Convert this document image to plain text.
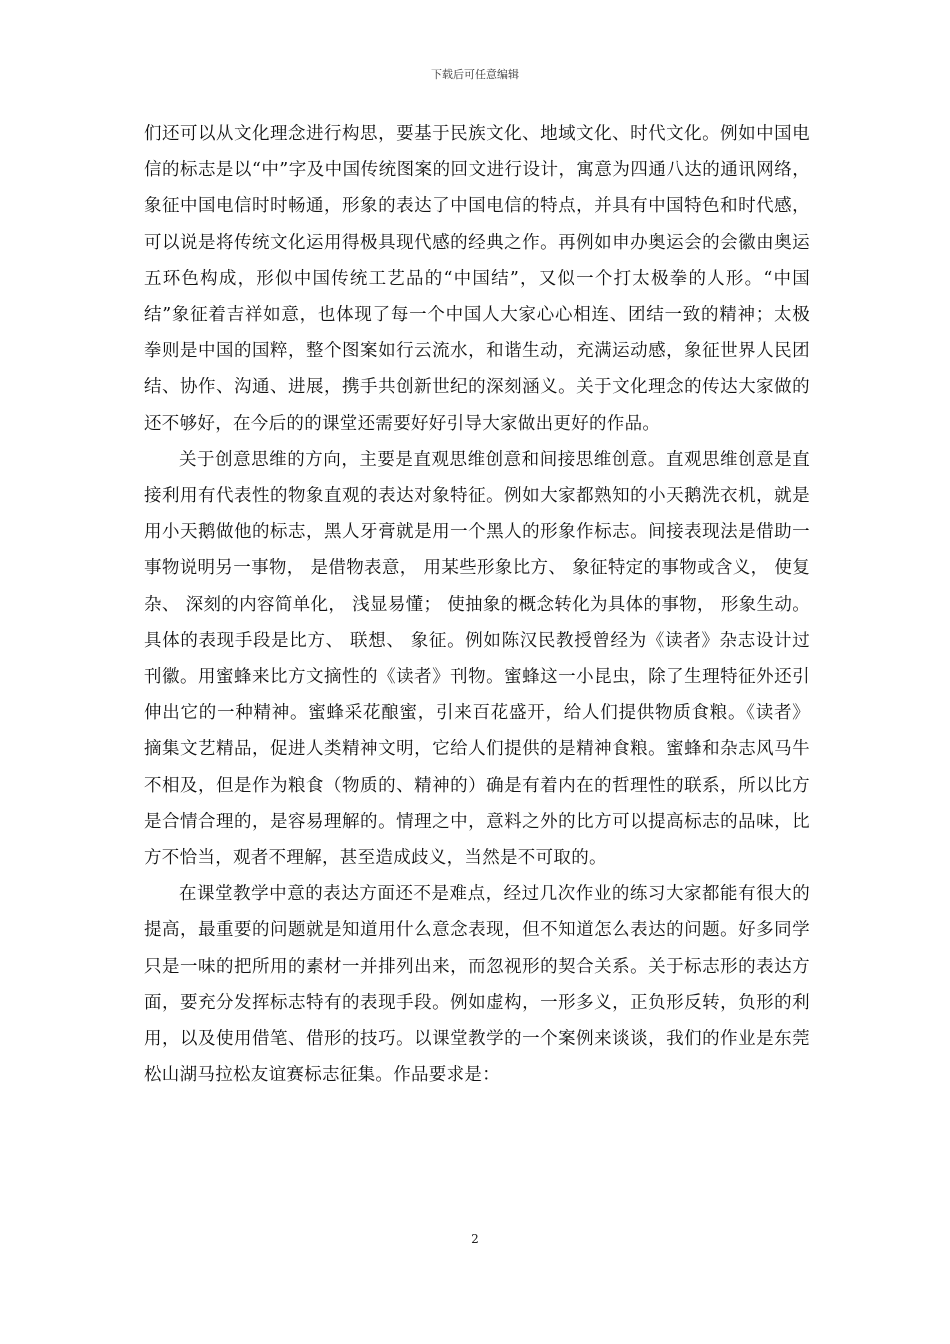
下载后可任意编辑

们还可以从文化理念进行构思，要基于民族文化、地域文化、时代文化。例如中国电信的标志是以“中”字及中国传统图案的回文进行设计，寓意为四通八达的通讯网络，象征中国电信时时畅通，形象的表达了中国电信的特点，并具有中国特色和时代感，可以说是将传统文化运用得极具现代感的经典之作。再例如申办奥运会的会徽由奥运五环色构成，形似中国传统工艺品的“中国结”，又似一个打太极拳的人形。“中国结”象征着吉祥如意，也体现了每一个中国人大家心心相连、团结一致的精神；太极拳则是中国的国粹，整个图案如行云流水，和谐生动，充满运动感，象征世界人民团结、协作、沟通、进展，携手共创新世纪的深刻涵义。关于文化理念的传达大家做的还不够好，在今后的的课堂还需要好好引导大家做出更好的作品。

关于创意思维的方向，主要是直观思维创意和间接思维创意。直观思维创意是直接利用有代表性的物象直观的表达对象特征。例如大家都熟知的小天鹅洗衣机，就是用小天鹅做他的标志，黑人牙膏就是用一个黑人的形象作标志。间接表现法是借助一事物说明另一事物， 是借物表意， 用某些形象比方、 象征特定的事物或含义， 使复杂、 深刻的内容简单化， 浅显易懂； 使抽象的概念转化为具体的事物， 形象生动。具体的表现手段是比方、 联想、 象征。例如陈汉民教授曾经为《读者》杂志设计过刊徽。用蜜蜂来比方文摘性的《读者》刊物。蜜蜂这一小昆虫，除了生理特征外还引伸出它的一种精神。蜜蜂采花酿蜜，引来百花盛开，给人们提供物质食粮。《读者》摘集文艺精品，促进人类精神文明，它给人们提供的是精神食粮。蜜蜂和杂志风马牛不相及，但是作为粮食（物质的、精神的）确是有着内在的哲理性的联系，所以比方是合情合理的，是容易理解的。情理之中，意料之外的比方可以提高标志的品味，比方不恰当，观者不理解，甚至造成歧义，当然是不可取的。

在课堂教学中意的表达方面还不是难点，经过几次作业的练习大家都能有很大的提高，最重要的问题就是知道用什么意念表现，但不知道怎么表达的问题。好多同学只是一味的把所用的素材一并排列出来，而忽视形的契合关系。关于标志形的表达方面，要充分发挥标志特有的表现手段。例如虚构，一形多义，正负形反转，负形的利用，以及使用借笔、借形的技巧。以课堂教学的一个案例来谈谈，我们的作业是东莞松山湖马拉松友谊赛标志征集。作品要求是：

2
